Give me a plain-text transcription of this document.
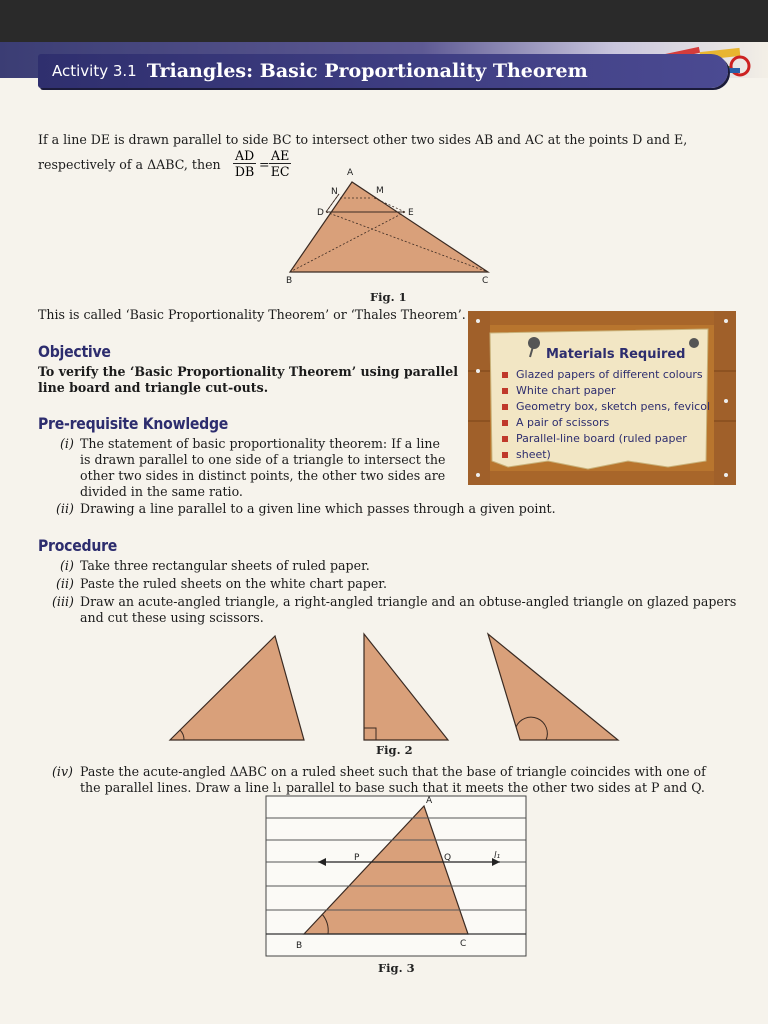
Activity 3.1 Triangles: Basic Proportionality Theorem
If a line DE is drawn parallel to side BC to intersect other two sides AB and AC at the points D and E,
respectively of a ΔABC, then $\frac{AD}{DB} = \frac{AE}{EC}$	A
N	M
D	E
B	C
Fig. 1
This is called ‘Basic Proportionality Theorem’ or ‘Thales Theorem’.
Objective
To verify the ‘Basic Proportionality Theorem’ using parallel
line board and triangle cut-outs.
Pre-requisite Knowledge
(i) The statement of basic proportionality theorem: If a line
is drawn parallel to one side of a triangle to intersect the
other two sides in distinct points, the other two sides are
divided in the same ratio.
(ii) Drawing a line parallel to a given line which passes through a given point.
Materials Required
Glazed papers of different colours
White chart paper
Geometry box, sketch pens, fevicol
A pair of scissors
Parallel-line board (ruled paper
sheet)
Procedure
(i) Take three rectangular sheets of ruled paper.
(ii) Paste the ruled sheets on the white chart paper.
(iii) Draw an acute-angled triangle, a right-angled triangle and an obtuse-angled triangle on glazed papers
and cut these using scissors.
Fig. 2
(iv) Paste the acute-angled ΔABC on a ruled sheet such that the base of triangle coincides with one of
the parallel lines. Draw a line l₁ parallel to base such that it meets the other two sides at P and Q.
A
P	Q	l₁
B	C
Fig. 3
